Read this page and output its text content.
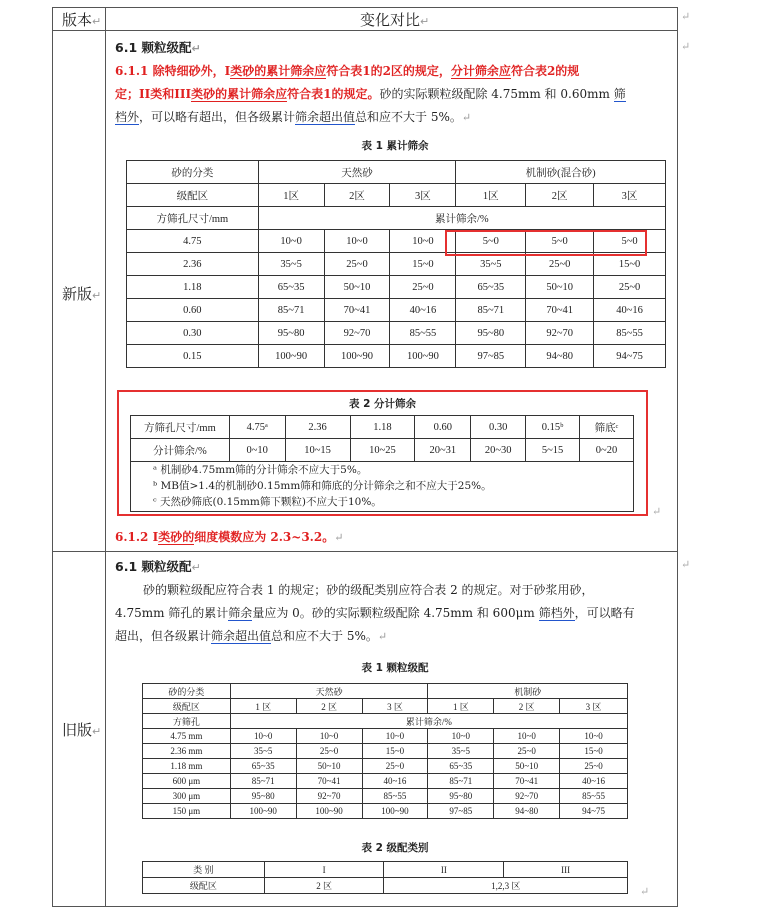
版本↵	变化对比↵	↵
↵
↵
新版↵
6.1 颗粒级配↵
6.1.1 除特细砂外，I类砂的累计筛余应符合表1的2区的规定，分计筛余应符合表2的规
定；II类和III类砂的累计筛余应符合表1的规定。砂的实际颗粒级配除 4.75mm 和 0.60mm 筛
档外，可以略有超出，但各级累计筛余超出值总和应不大于 5%。↵
表 1 累计筛余
砂的分类	天然砂			机制砂(混合砂)		
级配区	1区	2区	3区	1区	2区	3区
方筛孔尺寸/mm	累计筛余/%					
4.75	10~0	10~0	10~0	5~0	5~0	5~0
2.36	35~5	25~0	15~0	35~5	25~0	15~0
1.18	65~35	50~10	25~0	65~35	50~10	25~0
0.60	85~71	70~41	40~16	85~71	70~41	40~16
0.30	95~80	92~70	85~55	95~80	92~70	85~55
0.15	100~90	100~90	100~90	97~85	94~80	94~75
表 2 分计筛余
方筛孔尺寸/mm	4.75ᵃ	2.36	1.18	0.60	0.30	0.15ᵇ	筛底ᶜ
分计筛余/%	0~10	10~15	10~25	20~31	20~30	5~15	0~20
ᵃ 机制砂4.75mm筛的分计筛余不应大于5%。
ᵇ MB值>1.4的机制砂0.15mm筛和筛底的分计筛余之和不应大于25%。
ᶜ 天然砂筛底(0.15mm筛下颗粒)不应大于10%。
↵
6.1.2 I类砂的细度模数应为 2.3~3.2。↵
旧版↵
6.1 颗粒级配↵
砂的颗粒级配应符合表 1 的规定；砂的级配类别应符合表 2 的规定。对于砂浆用砂，
4.75mm 筛孔的累计筛余量应为 0。砂的实际颗粒级配除 4.75mm 和 600μm 筛档外，可以略有
超出，但各级累计筛余超出值总和应不大于 5%。↵
表 1 颗粒级配
砂的分类	天然砂			机制砂		
级配区	1 区	2 区	3 区	1 区	2 区	3 区
方筛孔	累计筛余/%					
4.75 mm	10~0	10~0	10~0	10~0	10~0	10~0
2.36 mm	35~5	25~0	15~0	35~5	25~0	15~0
1.18 mm	65~35	50~10	25~0	65~35	50~10	25~0
600 μm	85~71	70~41	40~16	85~71	70~41	40~16
300 μm	95~80	92~70	85~55	95~80	92~70	85~55
150 μm	100~90	100~90	100~90	97~85	94~80	94~75
表 2 级配类别
类 别	I	II	III
级配区	2 区	1,2,3 区		↵
